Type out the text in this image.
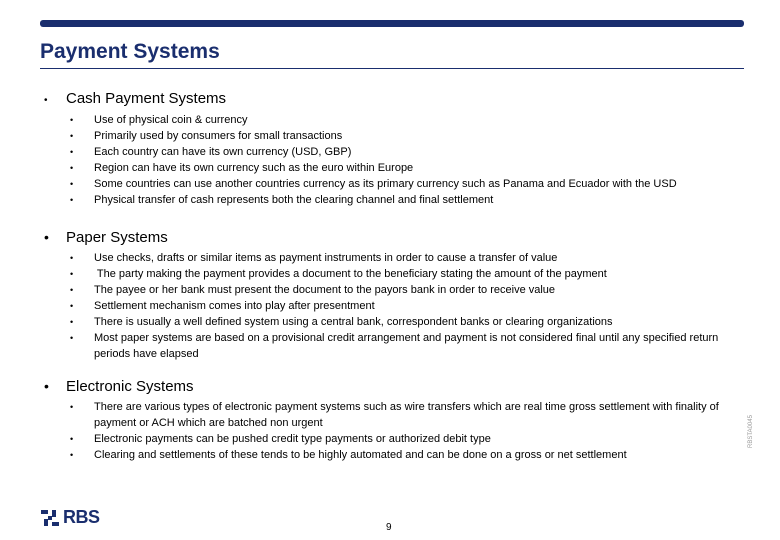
Payment Systems
•	Cash Payment Systems
•	Use of physical coin & currency
•	Primarily used by consumers for small transactions
•	Each country can have its own currency (USD, GBP)
•	Region can have its own currency such as the euro within Europe
•	Some countries can use another countries currency as its primary currency such as Panama and Ecuador with the USD
•	Physical transfer of cash represents both the clearing channel and final settlement
•	Paper Systems
•	Use checks, drafts or similar items as payment instruments in order to cause a transfer of value
•	The party making the payment provides a document to the beneficiary stating the amount of the payment
•	The payee or her bank must present the document to the payors bank in order to receive value
•	Settlement mechanism comes into play after presentment
•	There is usually a well defined system using a central bank, correspondent banks or clearing organizations
•	Most paper systems are based on a provisional credit arrangement and payment is not considered final until any specified return periods have elapsed
•	Electronic Systems
•	There are various types of electronic payment systems such as wire transfers which are real time gross settlement with finality of payment or ACH which are batched non urgent
•	Electronic payments can be pushed credit type payments or authorized debit type
•	Clearing and settlements of these tends to be highly automated and can be done on a gross or net settlement
RBSTA0045
RBS
9
